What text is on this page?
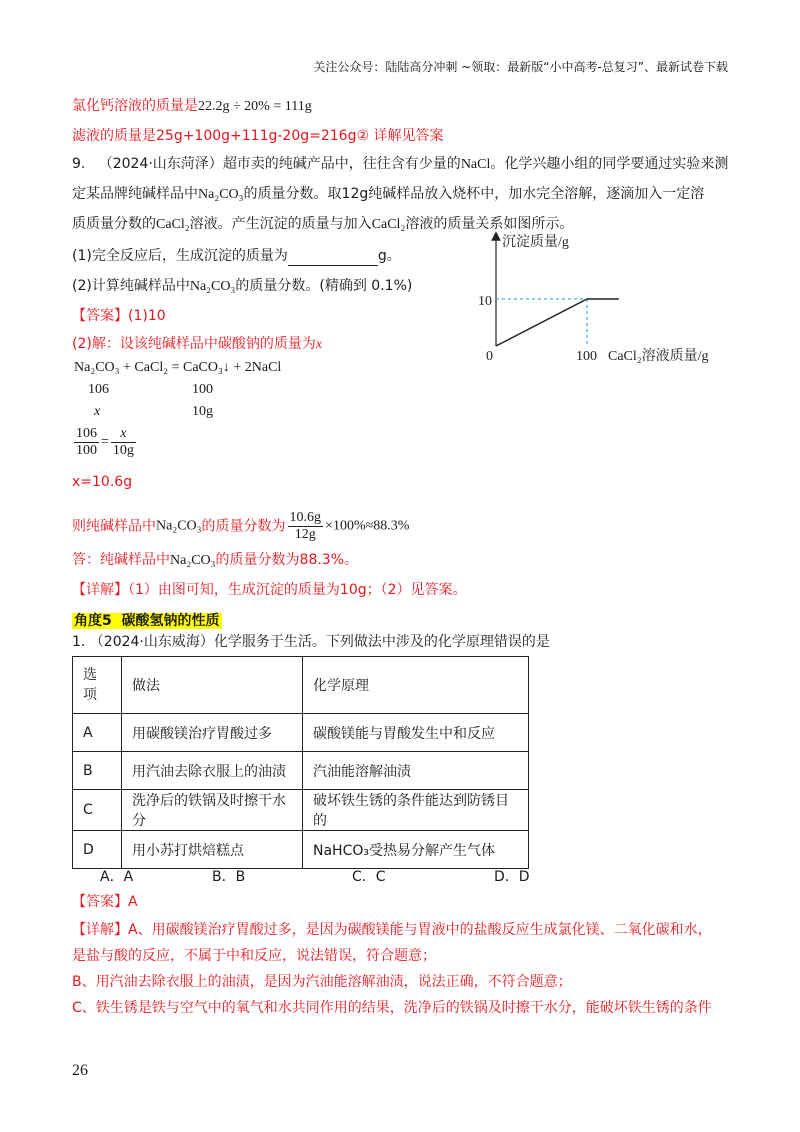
关注公众号：陆陆高分冲刺 ~领取：最新版“小中高考-总复习”、最新试卷下载
氯化钙溶液的质量是22.2g ÷ 20% = 111g
滤液的质量是25g+100g+111g-20g=216g② 详解见答案
9. （2024·山东菏泽）超市卖的纯碱产品中，往往含有少量的NaCl。化学兴趣小组的同学要通过实验来测
定某品牌纯碱样品中Na₂CO₃的质量分数。取12g纯碱样品放入烧杯中，加水完全溶解，逐滴加入一定溶
质质量分数的CaCl₂溶液。产生沉淀的质量与加入CaCl₂溶液的质量关系如图所示。
(1)完全反应后，生成沉淀的质量为	g。
(2)计算纯碱样品中Na₂CO₃的质量分数。(精确到 0.1%)
【答案】(1)10
(2)解：设该纯碱样品中碳酸钠的质量为x
Na₂CO₃ + CaCl₂ = CaCO₃↓ + 2NaCl
106	100
x	10g
$\frac{106}{100} = \frac{x}{10g}$
x=10.6g
则纯碱样品中Na₂CO₃的质量分数为 $\frac{10.6g}{12g} \times 100\%\approx 88.3\%$
答：纯碱样品中Na₂CO₃的质量分数为88.3%。
【详解】（1）由图可知，生成沉淀的质量为10g；（2）见答案。
沉淀质量/g
0
10
100 CaCl₂溶液质量/g
角度5 碳酸氢钠的性质
1. （2024·山东威海）化学服务于生活。下列做法中涉及的化学原理错误的是
选项	做法	化学原理
A	用碳酸镁治疗胃酸过多	碳酸镁能与胃酸发生中和反应
B	用汽油去除衣服上的油渍	汽油能溶解油渍
C	洗净后的铁锅及时擦干水分	破坏铁生锈的条件能达到防锈目的
D	用小苏打烘焙糕点	NaHCO₃受热易分解产生气体
A．A	B．B	C．C	D．D
【答案】A
【详解】A、用碳酸镁治疗胃酸过多，是因为碳酸镁能与胃液中的盐酸反应生成氯化镁、二氧化碳和水，
是盐与酸的反应，不属于中和反应，说法错误，符合题意；
B、用汽油去除衣服上的油渍，是因为汽油能溶解油渍，说法正确，不符合题意；
C、铁生锈是铁与空气中的氧气和水共同作用的结果，洗净后的铁锅及时擦干水分，能破坏铁生锈的条件
26
